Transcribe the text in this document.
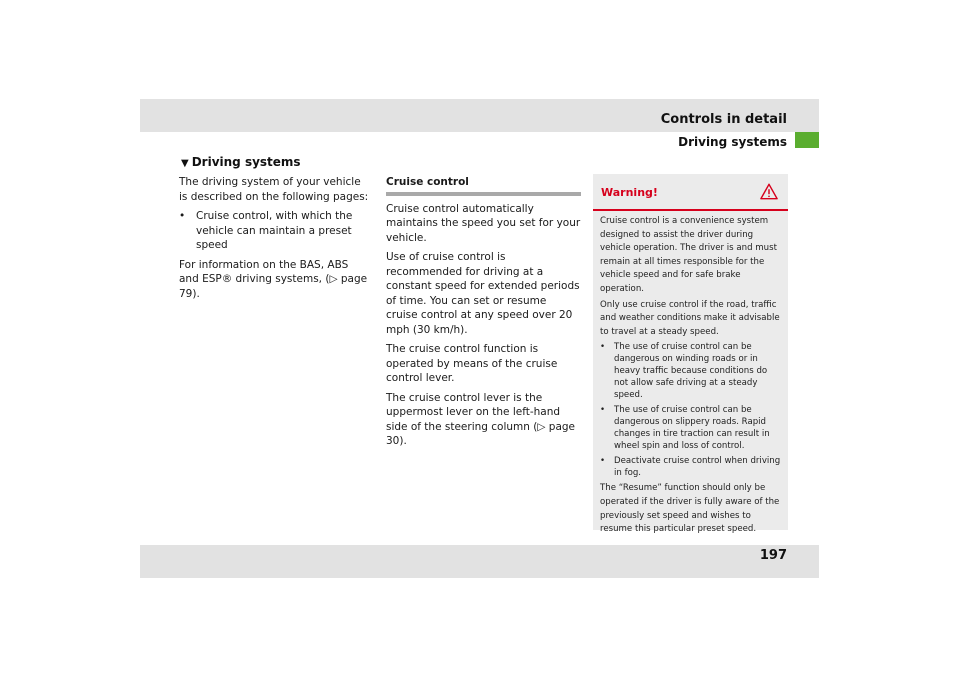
Controls in detail
Driving systems
▼ Driving systems

The driving system of your vehicle is described on the following pages:

• Cruise control, with which the vehicle can maintain a preset speed

For information on the BAS, ABS and ESP® driving systems, (▷ page 79).

Cruise control

Cruise control automatically maintains the speed you set for your vehicle.

Use of cruise control is recommended for driving at a constant speed for extended periods of time. You can set or resume cruise control at any speed over 20 mph (30 km/h).

The cruise control function is operated by means of the cruise control lever.

The cruise control lever is the uppermost lever on the left-hand side of the steering column (▷ page 30).

Warning!

Cruise control is a convenience system designed to assist the driver during vehicle operation. The driver is and must remain at all times responsible for the vehicle speed and for safe brake operation.

Only use cruise control if the road, traffic and weather conditions make it advisable to travel at a steady speed.

• The use of cruise control can be dangerous on winding roads or in heavy traffic because conditions do not allow safe driving at a steady speed.

• The use of cruise control can be dangerous on slippery roads. Rapid changes in tire traction can result in wheel spin and loss of control.

• Deactivate cruise control when driving in fog.

The “Resume” function should only be operated if the driver is fully aware of the previously set speed and wishes to resume this particular preset speed.

197
